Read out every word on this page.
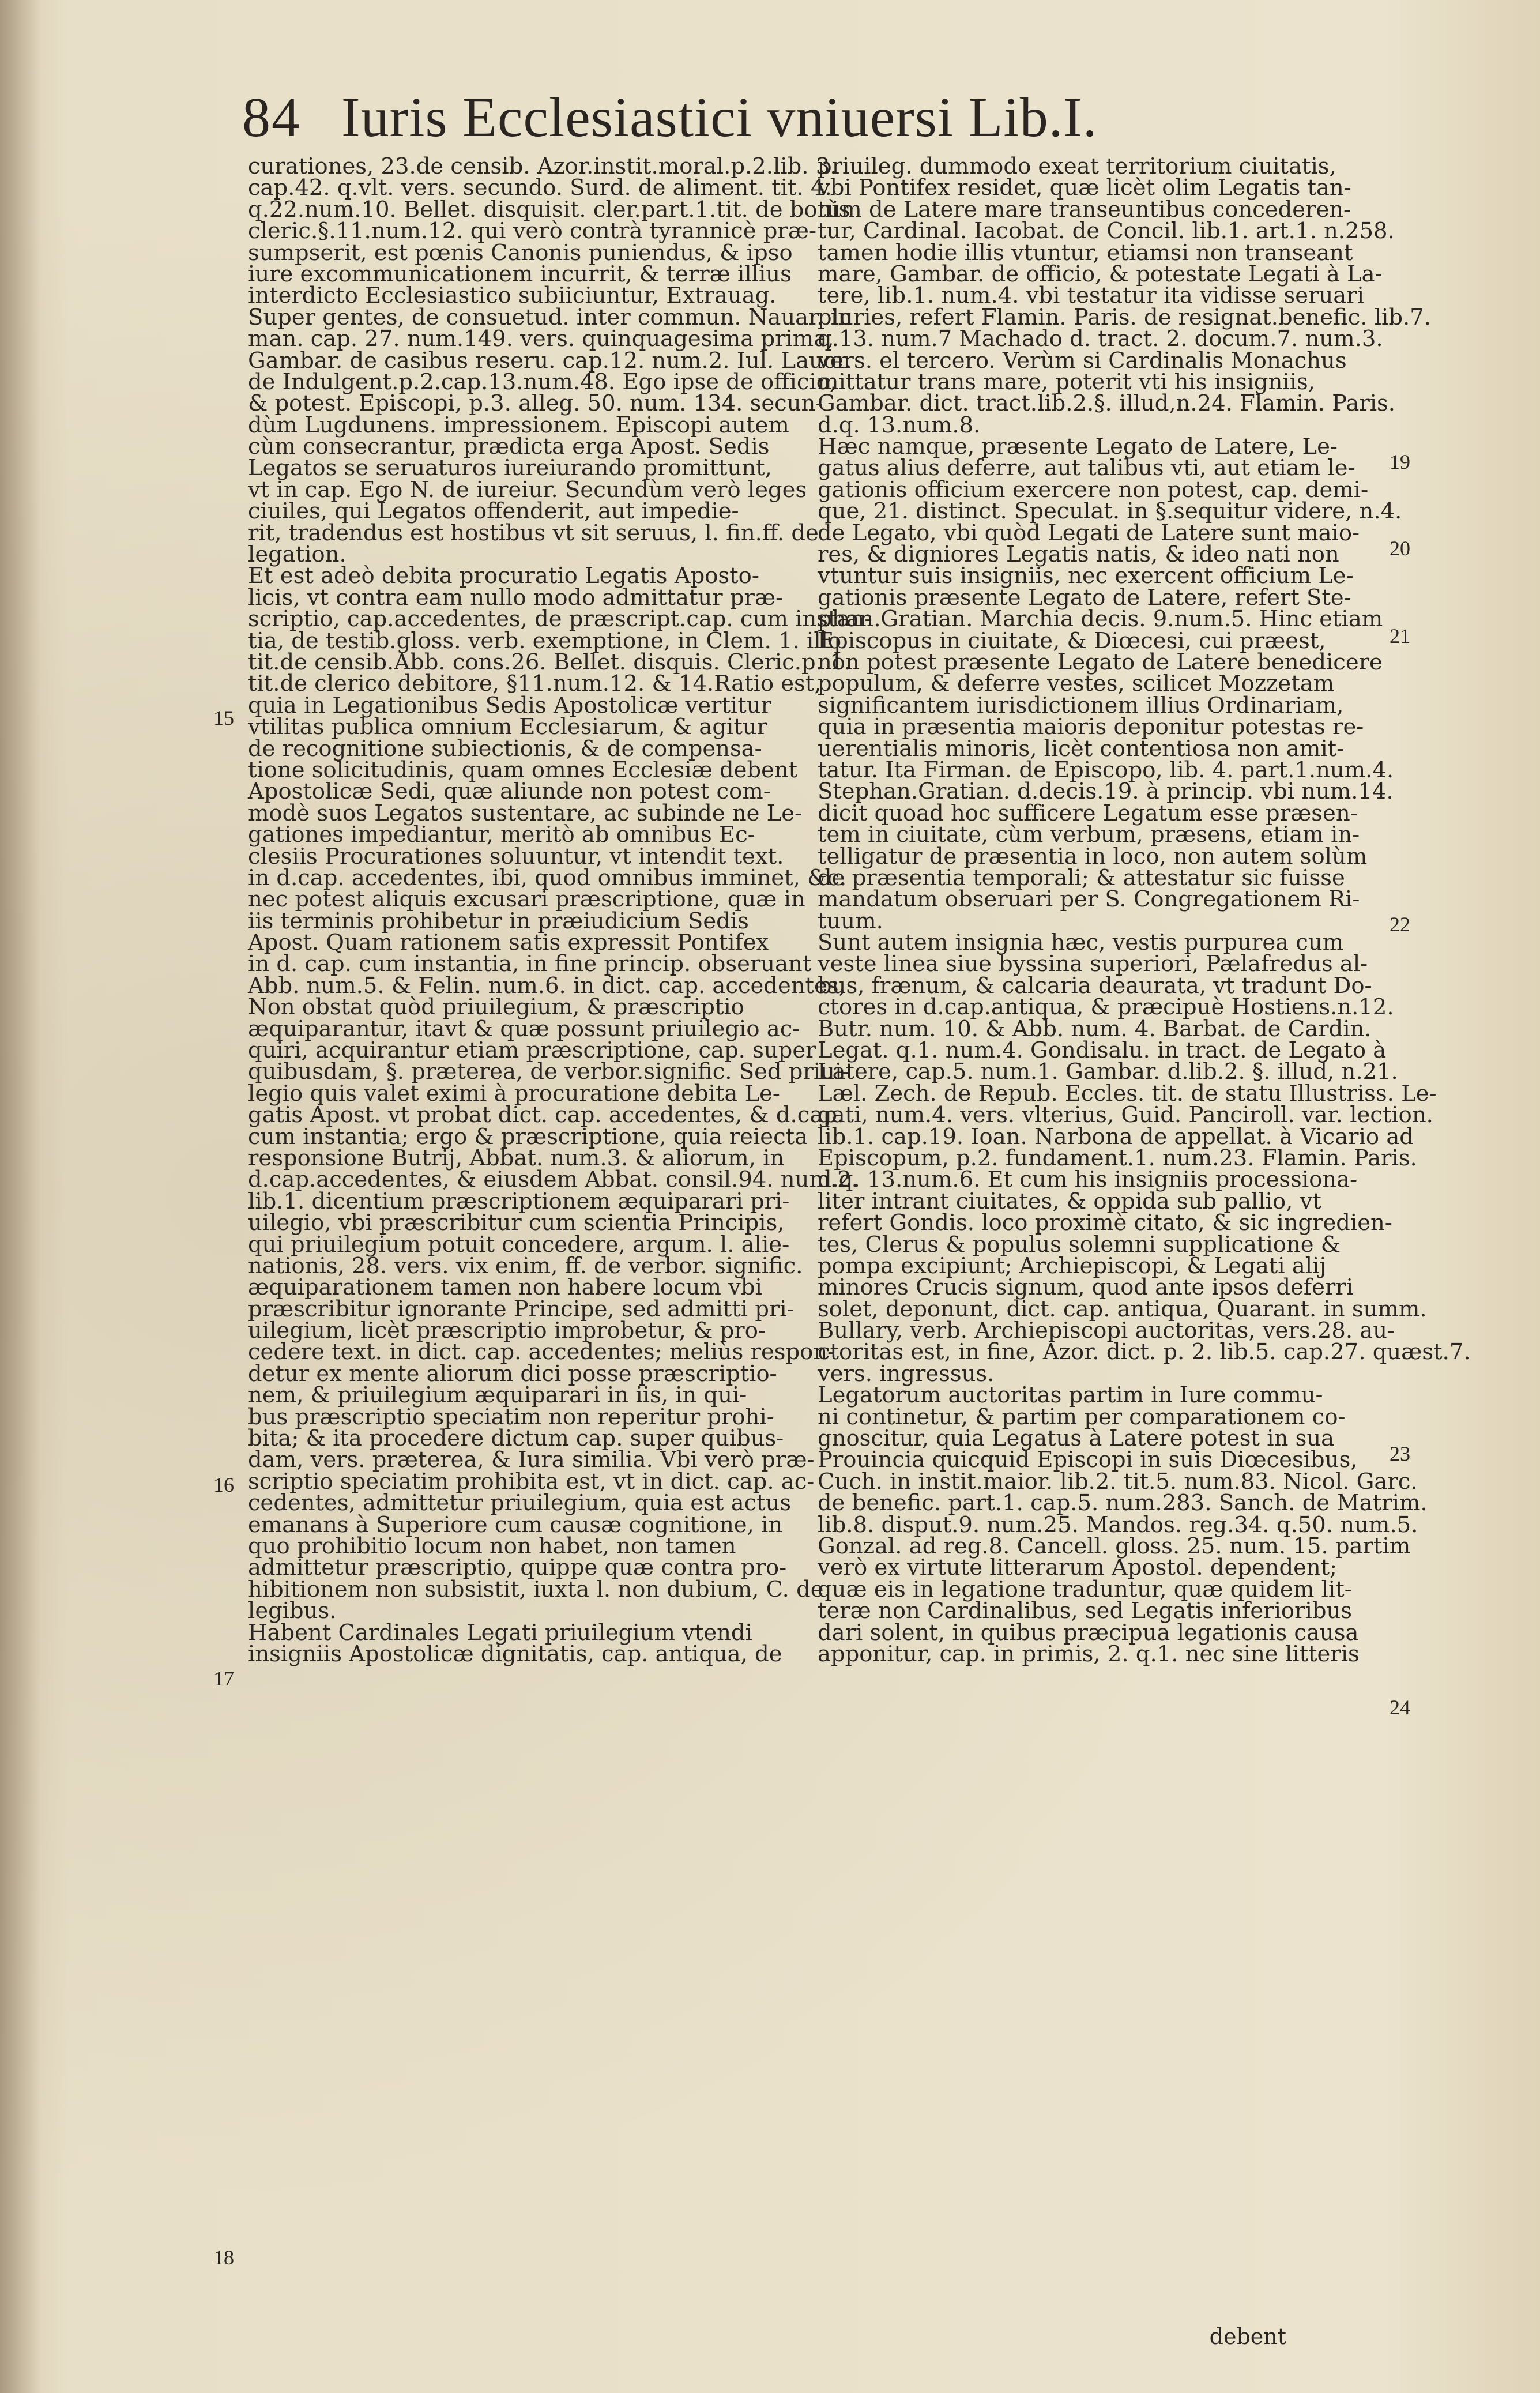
84 Iuris Ecclesiastici vniuersi Lib.I.
curationes, 23.de censib. Azor.instit.moral.p.2.lib. 3.
cap.42. q.vlt. vers. secundo. Surd. de aliment. tit. 4.
q.22.num.10. Bellet. disquisit. cler.part.1.tit. de bonis
cleric.§.11.num.12. qui verò contrà tyrannicè præ-
sumpserit, est pœnis Canonis puniendus, & ipso
iure excommunicationem incurrit, & terræ illius
interdicto Ecclesiastico subiiciuntur, Extrauag.
Super gentes, de consuetud. inter commun. Nauar. in
man. cap. 27. num.149. vers. quinquagesima prima,
Gambar. de casibus reseru. cap.12. num.2. Iul. Lauor.
de Indulgent.p.2.cap.13.num.48. Ego ipse de officio,
& potest. Episcopi, p.3. alleg. 50. num. 134. secun-
dùm Lugdunens. impressionem. Episcopi autem
cùm consecrantur, prædicta erga Apost. Sedis
Legatos se seruaturos iureiurando promittunt,
vt in cap. Ego N. de iureiur. Secundùm verò leges
ciuiles, qui Legatos offenderit, aut impedie-
rit, tradendus est hostibus vt sit seruus, l. fin.ff. de
legation.
Et est adeò debita procuratio Legatis Aposto-
licis, vt contra eam nullo modo admittatur præ-
scriptio, cap.accedentes, de præscript.cap. cum instan-
tia, de testib.gloss. verb. exemptione, in Clem. 1. illo
tit.de censib.Abb. cons.26. Bellet. disquis. Cleric.p. 1.
tit.de clerico debitore, §11.num.12. & 14.Ratio est,
quia in Legationibus Sedis Apostolicæ vertitur
vtilitas publica omnium Ecclesiarum, & agitur
de recognitione subiectionis, & de compensa-
tione solicitudinis, quam omnes Ecclesiæ debent
Apostolicæ Sedi, quæ aliunde non potest com-
modè suos Legatos sustentare, ac subinde ne Le-
gationes impediantur, meritò ab omnibus Ec-
clesiis Procurationes soluuntur, vt intendit text.
in d.cap. accedentes, ibi, quod omnibus imminet, &c.
nec potest aliquis excusari præscriptione, quæ in
iis terminis prohibetur in præiudicium Sedis
Apost. Quam rationem satis expressit Pontifex
in d. cap. cum instantia, in fine princip. obseruant
Abb. num.5. & Felin. num.6. in dict. cap. accedentes,
Non obstat quòd priuilegium, & præscriptio
æquiparantur, itavt & quæ possunt priuilegio ac-
quiri, acquirantur etiam præscriptione, cap. super
quibusdam, §. præterea, de verbor.signific. Sed priui-
legio quis valet eximi à procuratione debita Le-
gatis Apost. vt probat dict. cap. accedentes, & d.cap.
cum instantia; ergo & præscriptione, quia reiecta
responsione Butrij, Abbat. num.3. & aliorum, in
d.cap.accedentes, & eiusdem Abbat. consil.94. num.2.
lib.1. dicentium præscriptionem æquiparari pri-
uilegio, vbi præscribitur cum scientia Principis,
qui priuilegium potuit concedere, argum. l. alie-
nationis, 28. vers. vix enim, ff. de verbor. signific.
æquiparationem tamen non habere locum vbi
præscribitur ignorante Principe, sed admitti pri-
uilegium, licèt præscriptio improbetur, & pro-
cedere text. in dict. cap. accedentes; meliùs respon-
detur ex mente aliorum dici posse præscriptio-
nem, & priuilegium æquiparari in iis, in qui-
bus præscriptio speciatim non reperitur prohi-
bita; & ita procedere dictum cap. super quibus-
dam, vers. præterea, & Iura similia. Vbi verò præ-
scriptio speciatim prohibita est, vt in dict. cap. ac-
cedentes, admittetur priuilegium, quia est actus
emanans à Superiore cum causæ cognitione, in
quo prohibitio locum non habet, non tamen
admittetur præscriptio, quippe quæ contra pro-
hibitionem non subsistit, iuxta l. non dubium, C. de
legibus.
Habent Cardinales Legati priuilegium vtendi
insigniis Apostolicæ dignitatis, cap. antiqua, de
priuileg. dummodo exeat territorium ciuitatis,
vbi Pontifex residet, quæ licèt olim Legatis tan-
tùm de Latere mare transeuntibus concederen-
tur, Cardinal. Iacobat. de Concil. lib.1. art.1. n.258.
tamen hodie illis vtuntur, etiamsi non transeant
mare, Gambar. de officio, & potestate Legati à La-
tere, lib.1. num.4. vbi testatur ita vidisse seruari
pluries, refert Flamin. Paris. de resignat.benefic. lib.7.
q.13. num.7 Machado d. tract. 2. docum.7. num.3.
vers. el tercero. Verùm si Cardinalis Monachus
mittatur trans mare, poterit vti his insigniis,
Gambar. dict. tract.lib.2.§. illud,n.24. Flamin. Paris.
d.q. 13.num.8.
Hæc namque, præsente Legato de Latere, Le-
gatus alius deferre, aut talibus vti, aut etiam le-
gationis officium exercere non potest, cap. demi-
que, 21. distinct. Speculat. in §.sequitur videre, n.4.
de Legato, vbi quòd Legati de Latere sunt maio-
res, & digniores Legatis natis, & ideo nati non
vtuntur suis insigniis, nec exercent officium Le-
gationis præsente Legato de Latere, refert Ste-
phan.Gratian. Marchia decis. 9.num.5. Hinc etiam
Episcopus in ciuitate, & Diœcesi, cui præest,
non potest præsente Legato de Latere benedicere
populum, & deferre vestes, scilicet Mozzetam
significantem iurisdictionem illius Ordinariam,
quia in præsentia maioris deponitur potestas re-
uerentialis minoris, licèt contentiosa non amit-
tatur. Ita Firman. de Episcopo, lib. 4. part.1.num.4.
Stephan.Gratian. d.decis.19. à princip. vbi num.14.
dicit quoad hoc sufficere Legatum esse præsen-
tem in ciuitate, cùm verbum, præsens, etiam in-
telligatur de præsentia in loco, non autem solùm
de præsentia temporali; & attestatur sic fuisse
mandatum obseruari per S. Congregationem Ri-
tuum.
Sunt autem insignia hæc, vestis purpurea cum
veste linea siue byssina superiori, Pælafredus al-
bus, frænum, & calcaria deaurata, vt tradunt Do-
ctores in d.cap.antiqua, & præcipuè Hostiens.n.12.
Butr. num. 10. & Abb. num. 4. Barbat. de Cardin.
Legat. q.1. num.4. Gondisalu. in tract. de Legato à
Latere, cap.5. num.1. Gambar. d.lib.2. §. illud, n.21.
Læl. Zech. de Repub. Eccles. tit. de statu Illustriss. Le-
gati, num.4. vers. vlterius, Guid. Panciroll. var. lection.
lib.1. cap.19. Ioan. Narbona de appellat. à Vicario ad
Episcopum, p.2. fundament.1. num.23. Flamin. Paris.
d.q. 13.num.6. Et cum his insigniis processiona-
liter intrant ciuitates, & oppida sub pallio, vt
refert Gondis. loco proximè citato, & sic ingredien-
tes, Clerus & populus solemni supplicatione &
pompa excipiunt; Archiepiscopi, & Legati alij
minores Crucis signum, quod ante ipsos deferri
solet, deponunt, dict. cap. antiqua, Quarant. in summ.
Bullary, verb. Archiepiscopi auctoritas, vers.28. au-
ctoritas est, in fine, Azor. dict. p. 2. lib.5. cap.27. quæst.7.
vers. ingressus.
Legatorum auctoritas partim in Iure commu-
ni continetur, & partim per comparationem co-
gnoscitur, quia Legatus à Latere potest in sua
Prouincia quicquid Episcopi in suis Diœcesibus,
Cuch. in instit.maior. lib.2. tit.5. num.83. Nicol. Garc.
de benefic. part.1. cap.5. num.283. Sanch. de Matrim.
lib.8. disput.9. num.25. Mandos. reg.34. q.50. num.5.
Gonzal. ad reg.8. Cancell. gloss. 25. num. 15. partim
verò ex virtute litterarum Apostol. dependent;
quæ eis in legatione traduntur, quæ quidem lit-
teræ non Cardinalibus, sed Legatis inferioribus
dari solent, in quibus præcipua legationis causa
apponitur, cap. in primis, 2. q.1. nec sine litteris
15
16
17
18
19
20
21
22
23
24
debent
